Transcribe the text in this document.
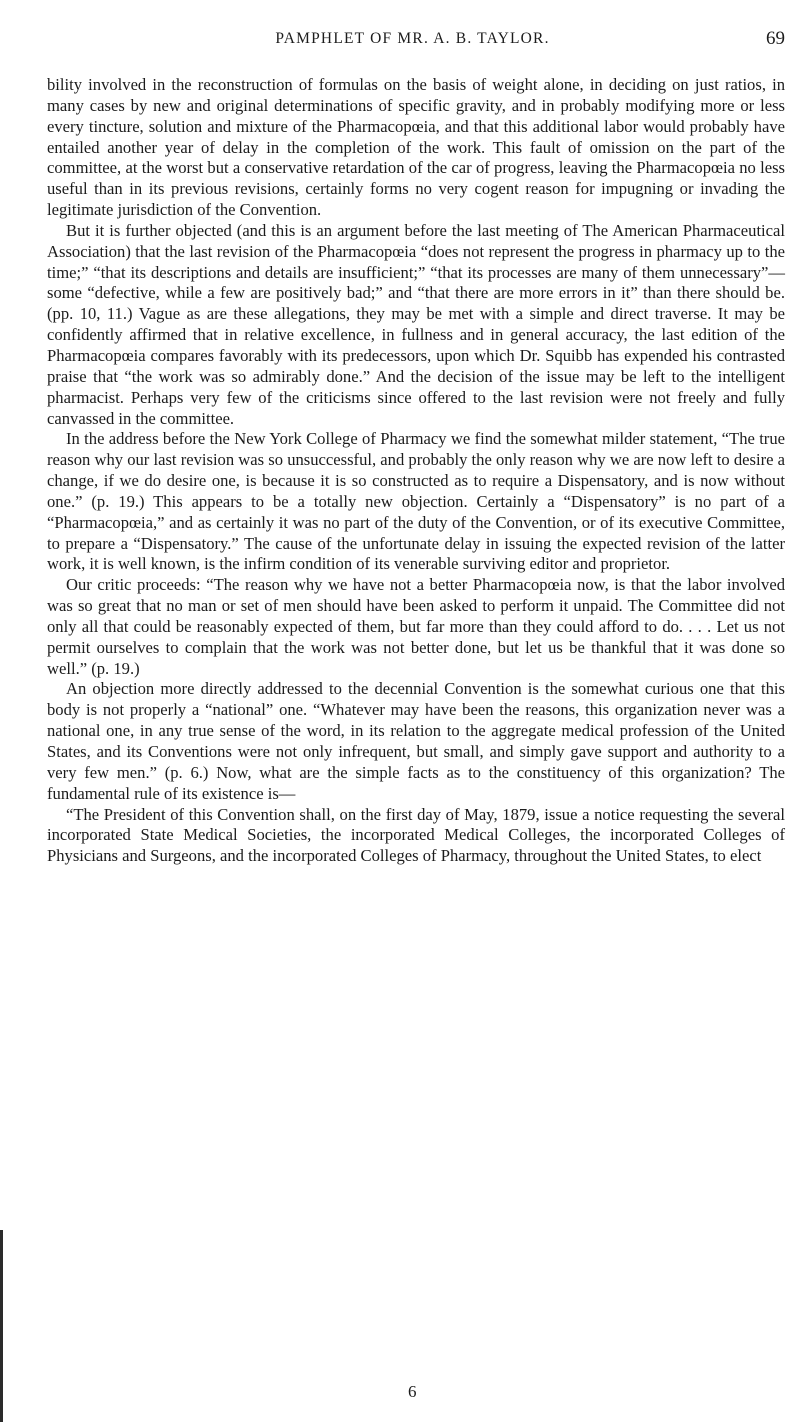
PAMPHLET OF MR. A. B. TAYLOR.	69

bility involved in the reconstruction of formulas on the basis of weight alone, in deciding on just ratios, in many cases by new and original determinations of specific gravity, and in probably modifying more or less every tincture, solution and mixture of the Pharmacopœia, and that this additional labor would probably have entailed another year of delay in the completion of the work. This fault of omission on the part of the committee, at the worst but a conservative retardation of the car of progress, leaving the Pharmacopœia no less useful than in its previous revisions, certainly forms no very cogent reason for impugning or invading the legitimate jurisdiction of the Convention.

But it is further objected (and this is an argument before the last meeting of The American Pharmaceutical Association) that the last revision of the Pharmacopœia “does not represent the progress in pharmacy up to the time;” “that its descriptions and details are insufficient;” “that its processes are many of them unnecessary”—some “defective, while a few are positively bad;” and “that there are more errors in it” than there should be. (pp. 10, 11.) Vague as are these allegations, they may be met with a simple and direct traverse. It may be confidently affirmed that in relative excellence, in fullness and in general accuracy, the last edition of the Pharmacopœia compares favorably with its predecessors, upon which Dr. Squibb has expended his contrasted praise that “the work was so admirably done.” And the decision of the issue may be left to the intelligent pharmacist. Perhaps very few of the criticisms since offered to the last revision were not freely and fully canvassed in the committee.

In the address before the New York College of Pharmacy we find the somewhat milder statement, “The true reason why our last revision was so unsuccessful, and probably the only reason why we are now left to desire a change, if we do desire one, is because it is so constructed as to require a Dispensatory, and is now without one.” (p. 19.) This appears to be a totally new objection. Certainly a “Dispensatory” is no part of a “Pharmacopœia,” and as certainly it was no part of the duty of the Convention, or of its executive Committee, to prepare a “Dispensatory.” The cause of the unfortunate delay in issuing the expected revision of the latter work, it is well known, is the infirm condition of its venerable surviving editor and proprietor.

Our critic proceeds: “The reason why we have not a better Pharmacopœia now, is that the labor involved was so great that no man or set of men should have been asked to perform it unpaid. The Committee did not only all that could be reasonably expected of them, but far more than they could afford to do. . . . Let us not permit ourselves to complain that the work was not better done, but let us be thankful that it was done so well.” (p. 19.)

An objection more directly addressed to the decennial Convention is the somewhat curious one that this body is not properly a “national” one. “Whatever may have been the reasons, this organization never was a national one, in any true sense of the word, in its relation to the aggregate medical profession of the United States, and its Conventions were not only infrequent, but small, and simply gave support and authority to a very few men.” (p. 6.) Now, what are the simple facts as to the constituency of this organization? The fundamental rule of its existence is—

“The President of this Convention shall, on the first day of May, 1879, issue a notice requesting the several incorporated State Medical Societies, the incorporated Medical Colleges, the incorporated Colleges of Physicians and Surgeons, and the incorporated Colleges of Pharmacy, throughout the United States, to elect

6
